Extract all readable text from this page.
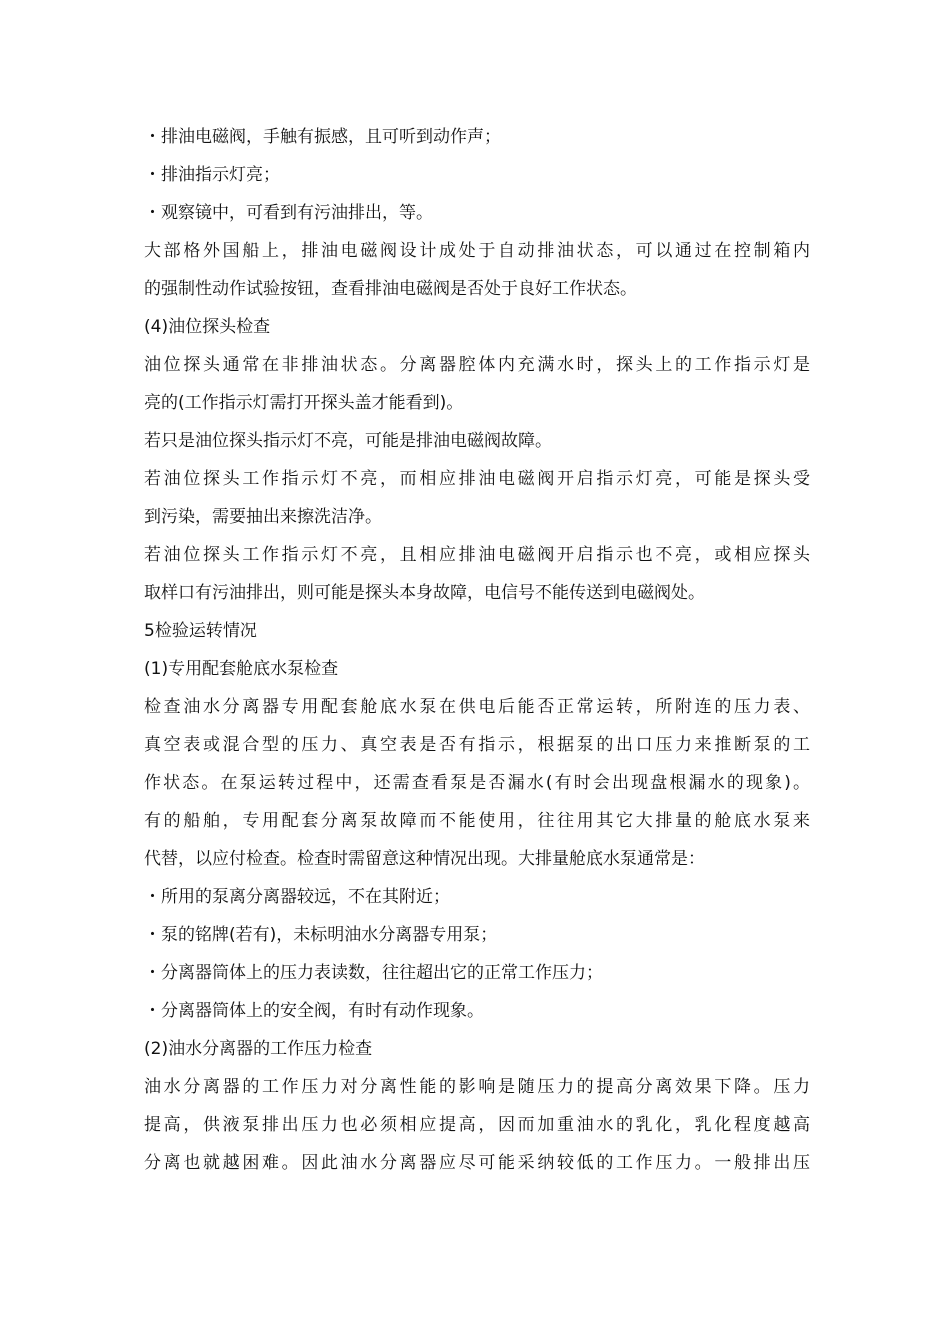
・排油电磁阀，手触有振感，且可听到动作声；
・排油指示灯亮；
・观察镜中，可看到有污油排出，等。
大部格外国船上，排油电磁阀设计成处于自动排油状态，可以通过在控制箱内
的强制性动作试验按钮，查看排油电磁阀是否处于良好工作状态。
(4)油位探头检查
油位探头通常在非排油状态。分离器腔体内充满水时，探头上的工作指示灯是
亮的(工作指示灯需打开探头盖才能看到)。
若只是油位探头指示灯不亮，可能是排油电磁阀故障。
若油位探头工作指示灯不亮，而相应排油电磁阀开启指示灯亮，可能是探头受
到污染，需要抽出来擦洗洁净。
若油位探头工作指示灯不亮，且相应排油电磁阀开启指示也不亮，或相应探头
取样口有污油排出，则可能是探头本身故障，电信号不能传送到电磁阀处。
5检验运转情况
(1)专用配套舱底水泵检查
检查油水分离器专用配套舱底水泵在供电后能否正常运转，所附连的压力表、
真空表或混合型的压力、真空表是否有指示，根据泵的出口压力来推断泵的工
作状态。在泵运转过程中，还需查看泵是否漏水(有时会出现盘根漏水的现象)。
有的船舶，专用配套分离泵故障而不能使用，往往用其它大排量的舱底水泵来
代替，以应付检查。检查时需留意这种情况出现。大排量舱底水泵通常是：
・所用的泵离分离器较远，不在其附近；
・泵的铭牌(若有)，未标明油水分离器专用泵；
・分离器筒体上的压力表读数，往往超出它的正常工作压力；
・分离器筒体上的安全阀，有时有动作现象。
(2)油水分离器的工作压力检查
油水分离器的工作压力对分离性能的影响是随压力的提高分离效果下降。压力
提高，供液泵排出压力也必须相应提高，因而加重油水的乳化，乳化程度越高
分离也就越困难。因此油水分离器应尽可能采纳较低的工作压力。一般排出压
